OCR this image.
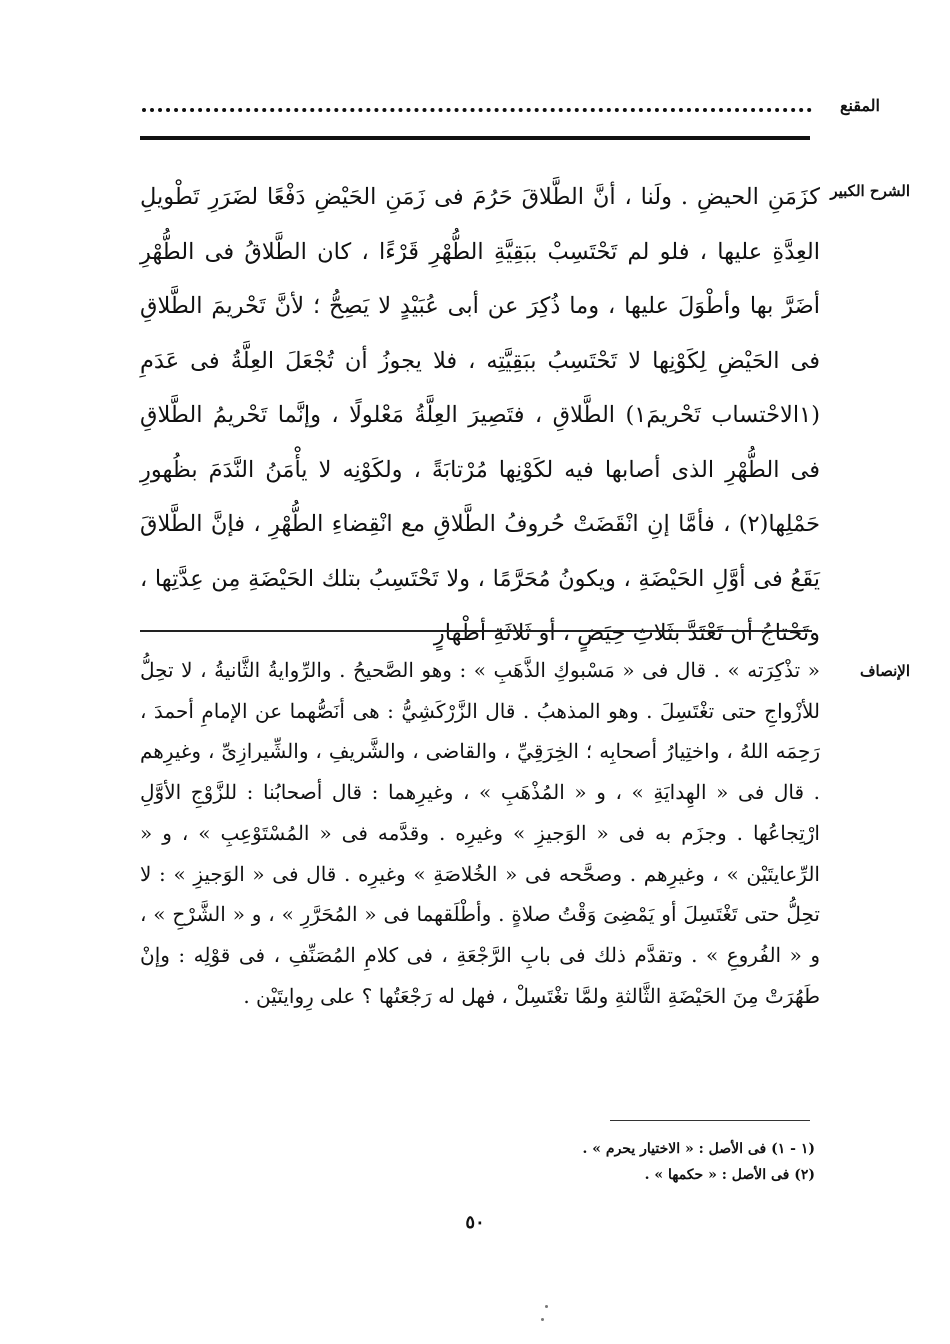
المقنع
الشرح الكبير
كزَمَنِ الحيضِ . ولَنا ، أنَّ الطَّلاقَ حَرُمَ فى زَمَنِ الحَيْضِ دَفْعًا لضَرَرِ تَطْويلِ العِدَّةِ عليها ، فلو لم تَحْتَسِبْ ببَقِيَّةِ الطُّهْرِ قَرْءًا ، كان الطَّلاقُ فى الطُّهْرِ أضَرَّ بها وأطْوَلَ عليها ، وما ذُكِرَ عن أبى عُبَيْدٍ لا يَصِحُّ ؛ لأنَّ تَحْريمَ الطَّلاقِ فى الحَيْضِ لِكَوْنِها لا تَحْتَسِبُ ببَقِيَّتِه ، فلا يجوزُ أن تُجْعَلَ العِلَّةُ فى عَدَمِ (١الاحْتساب تَحْريمَ١) الطَّلاقِ ، فتَصِيرَ العِلَّةُ مَعْلولًا ، وإنَّما تَحْريمُ الطَّلاقِ فى الطُّهْرِ الذى أصابها فيه لكَوْنِها مُرْتابَةً ، ولكَوْنِه لا يأْمَنُ النَّدَمَ بظُهورِ حَمْلِها(٢) ، فأمَّا إنِ انْقَضَتْ حُروفُ الطَّلاقِ مع انْقِضاءِ الطُّهْرِ ، فإنَّ الطَّلاقَ يَقَعُ فى أوَّلِ الحَيْضَةِ ، ويكونُ مُحَرَّمًا ، ولا تَحْتَسِبُ بتلك الحَيْضَةِ مِن عِدَّتِها ، وتَحْتاجُ أن تَعْتَدَّ بثَلاثِ حِيَضٍ ، أو ثَلاثَةِ أطْهارٍ
الإنصاف
« تذْكِرَته » . قال فى « مَسْبوكِ الذَّهَبِ » : وهو الصَّحيحُ . والرِّوايةُ الثَّانيةُ ، لا تحِلُّ للأزْواجِ حتى تغْتَسِلَ . وهو المذهبُ . قال الزَّرْكَشِيُّ : هى أنَصُّهما عن الإمامِ أحمدَ ، رَحِمَه اللهُ ، واختِيارُ أصحابِه ؛ الخِرَقِيِّ ، والقاضى ، والشَّريفِ ، والشِّيرازِىِّ ، وغيرِهم . قال فى « الهِدايَةِ » ، و « المُذْهَبِ » ، وغيرِهما : قال أصحابُنا : للزَّوْجِ الأوَّلِ ارْتِجاعُها . وجزَم به فى « الوَجيزِ » وغيرِه . وقدَّمه فى « المُسْتَوْعِبِ » ، و « الرِّعايتَيْن » ، وغيرِهم . وصحَّحه فى « الخُلاصَةِ » وغيرِه . قال فى « الوَجيزِ » : لا تحِلُّ حتى تَغْتَسِلَ أو يَمْضِىَ وَقْتُ صلاةٍ . وأطْلَقهما فى « المُحَرَّرِ » ، و « الشَّرْحِ » ، و « الفُروعِ » . وتقدَّم ذلك فى بابِ الرَّجْعَةِ ، فى كلامِ المُصَنِّفِ ، فى قوْلِه : وإنْ طَهُرَتْ مِنَ الحَيْضَةِ الثَّالثةِ ولمَّا تغْتَسِلْ ، فهل له رَجْعَتُها ؟ على رِوايتَيْن .
(١ - ١) فى الأصل : « الاختيار يحرم » .
(٢) فى الأصل : « حكمها » .
٥٠
